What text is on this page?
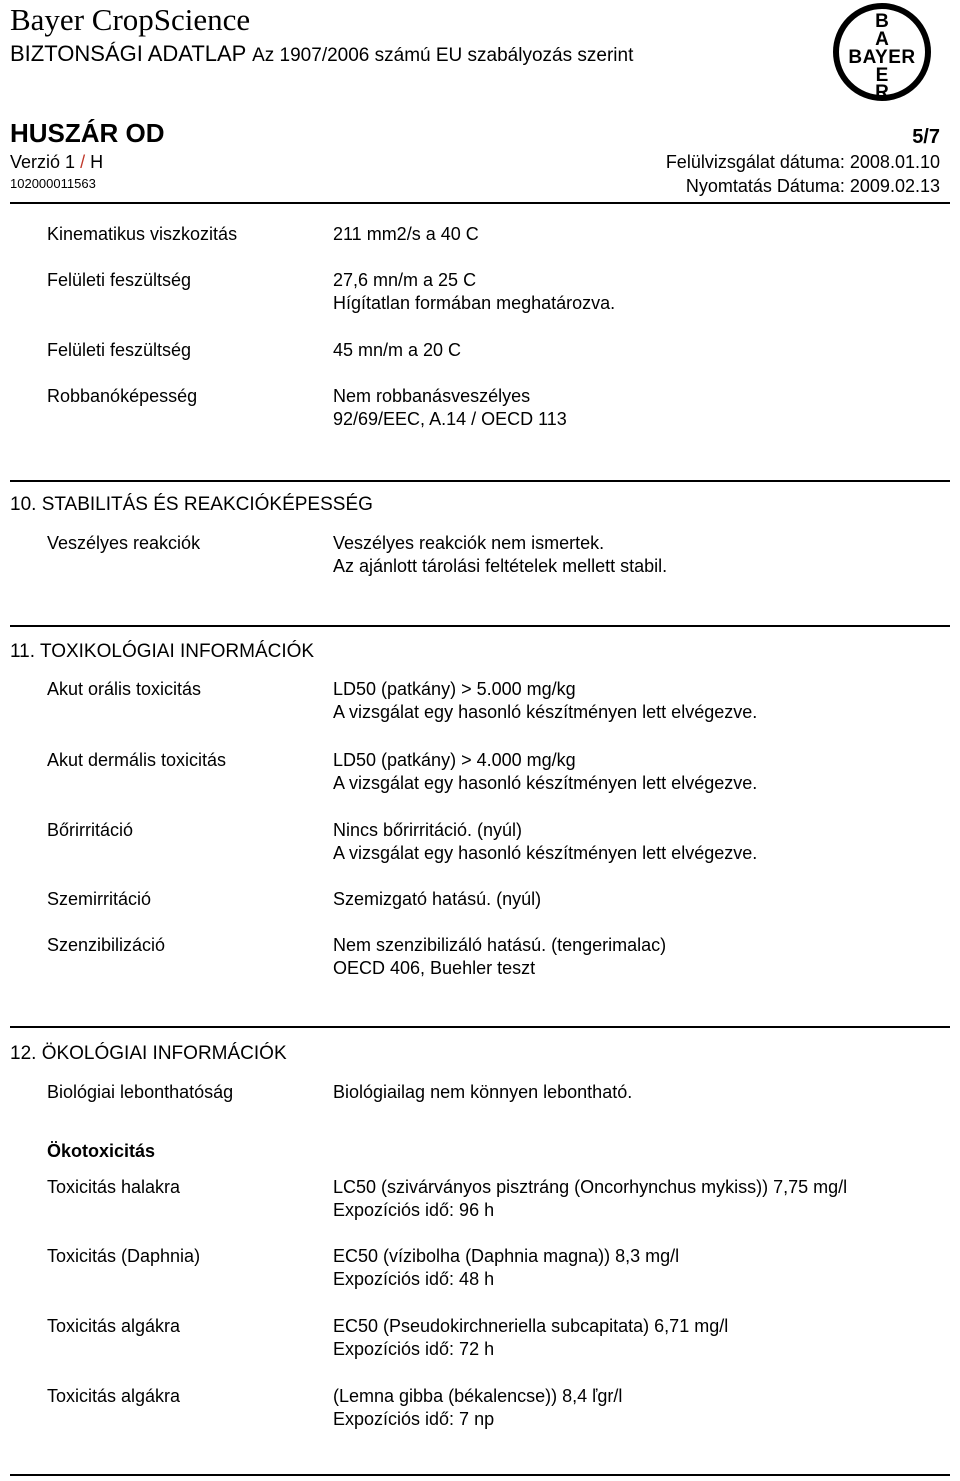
Bayer CropScience
BIZTONSÁGI ADATLAP Az 1907/2006 számú EU szabályozás szerint
B
A
BAYER
E
R
HUSZÁR OD
Verzió 1 / H
102000011563
5/7
Felülvizsgálat dátuma: 2008.01.10
Nyomtatás Dátuma: 2009.02.13
Kinematikus viszkozitás	211 mm2/s a 40 C
Felületi feszültség	27,6 mn/m a 25 C
Hígítatlan formában meghatározva.
Felületi feszültség	45 mn/m a 20 C
Robbanóképesség	Nem robbanásveszélyes
92/69/EEC, A.14 / OECD 113
10. STABILITÁS ÉS REAKCIÓKÉPESSÉG
Veszélyes reakciók	Veszélyes reakciók nem ismertek.
Az ajánlott tárolási feltételek mellett stabil.
11. TOXIKOLÓGIAI INFORMÁCIÓK
Akut orális toxicitás	LD50 (patkány) > 5.000 mg/kg
A vizsgálat egy hasonló készítményen lett elvégezve.
Akut dermális toxicitás	LD50 (patkány) > 4.000 mg/kg
A vizsgálat egy hasonló készítményen lett elvégezve.
Bőrirritáció	Nincs bőrirritáció. (nyúl)
A vizsgálat egy hasonló készítményen lett elvégezve.
Szemirritáció	Szemizgató hatású. (nyúl)
Szenzibilizáció	Nem szenzibilizáló hatású. (tengerimalac)
OECD 406, Buehler teszt
12. ÖKOLÓGIAI INFORMÁCIÓK
Biológiai lebonthatóság	Biológiailag nem könnyen lebontható.
Ökotoxicitás
Toxicitás halakra	LC50 (szivárványos pisztráng (Oncorhynchus mykiss)) 7,75 mg/l
Expozíciós idő: 96 h
Toxicitás (Daphnia)	EC50 (vízibolha (Daphnia magna)) 8,3 mg/l
Expozíciós idő: 48 h
Toxicitás algákra	EC50 (Pseudokirchneriella subcapitata) 6,71 mg/l
Expozíciós idő: 72 h
Toxicitás algákra	(Lemna gibba (békalencse)) 8,4 ľgr/l
Expozíciós idő: 7 np
